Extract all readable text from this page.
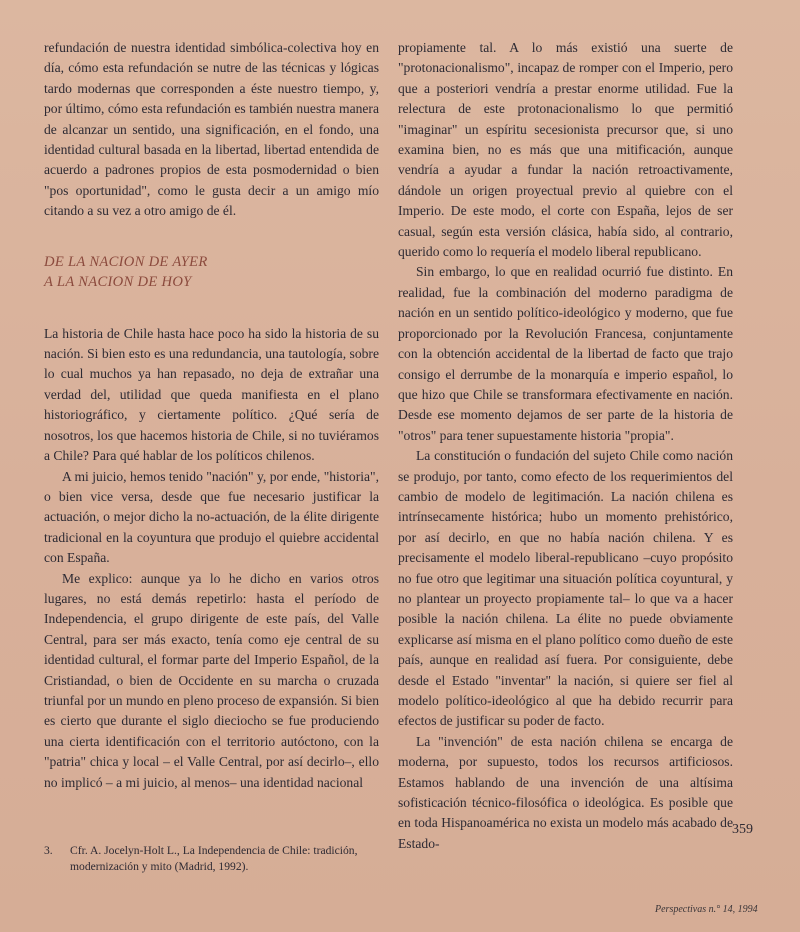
refundación de nuestra identidad simbólica-colectiva hoy en día, cómo esta refundación se nutre de las técnicas y lógicas tardo modernas que corresponden a éste nuestro tiempo, y, por último, cómo esta refundación es también nuestra manera de alcanzar un sentido, una significación, en el fondo, una identidad cultural basada en la libertad, libertad entendida de acuerdo a padrones propios de esta posmodernidad o bien "pos oportunidad", como le gusta decir a un amigo mío citando a su vez a otro amigo de él.

DE LA NACION DE AYER

A LA NACION DE HOY

La historia de Chile hasta hace poco ha sido la historia de su nación. Si bien esto es una redundancia, una tautología, sobre lo cual muchos ya han repasado, no deja de extrañar una verdad del, utilidad que queda manifiesta en el plano historiográfico, y ciertamente político. ¿Qué sería de nosotros, los que hacemos historia de Chile, si no tuviéramos a Chile? Para qué hablar de los políticos chilenos.

A mi juicio, hemos tenido "nación" y, por ende, "historia", o bien vice versa, desde que fue necesario justificar la actuación, o mejor dicho la no-actuación, de la élite dirigente tradicional en la coyuntura que produjo el quiebre accidental con España.

Me explico: aunque ya lo he dicho en varios otros lugares, no está demás repetirlo: hasta el período de Independencia, el grupo dirigente de este país, del Valle Central, para ser más exacto, tenía como eje central de su identidad cultural, el formar parte del Imperio Español, de la Cristiandad, o bien de Occidente en su marcha o cruzada triunfal por un mundo en pleno proceso de expansión. Si bien es cierto que durante el siglo dieciocho se fue produciendo una cierta identificación con el territorio autóctono, con la "patria" chica y local – el Valle Central, por así decirlo–, ello no implicó – a mi juicio, al menos– una identidad nacional

propiamente tal. A lo más existió una suerte de "protonacionalismo", incapaz de romper con el Imperio, pero que a posteriori vendría a prestar enorme utilidad. Fue la relectura de este protonacionalismo lo que permitió "imaginar" un espíritu secesionista precursor que, si uno examina bien, no es más que una mitificación, aunque vendría a ayudar a fundar la nación retroactivamente, dándole un origen proyectual previo al quiebre con el Imperio. De este modo, el corte con España, lejos de ser casual, según esta versión clásica, había sido, al contrario, querido como lo requería el modelo liberal republicano.

Sin embargo, lo que en realidad ocurrió fue distinto. En realidad, fue la combinación del moderno paradigma de nación en un sentido político-ideológico y moderno, que fue proporcionado por la Revolución Francesa, conjuntamente con la obtención accidental de la libertad de facto que trajo consigo el derrumbe de la monarquía e imperio español, lo que hizo que Chile se transformara efectivamente en nación. Desde ese momento dejamos de ser parte de la historia de "otros" para tener supuestamente historia "propia".

La constitución o fundación del sujeto Chile como nación se produjo, por tanto, como efecto de los requerimientos del cambio de modelo de legitimación. La nación chilena es intrínsecamente histórica; hubo un momento prehistórico, por así decirlo, en que no había nación chilena. Y es precisamente el modelo liberal-republicano –cuyo propósito no fue otro que legitimar una situación política coyuntural, y no plantear un proyecto propiamente tal– lo que va a hacer posible la nación chilena. La élite no puede obviamente explicarse así misma en el plano político como dueño de este país, aunque en realidad así fuera. Por consiguiente, debe desde el Estado "inventar" la nación, si quiere ser fiel al modelo político-ideológico al que ha debido recurrir para efectos de justificar su poder de facto.

La "invención" de esta nación chilena se encarga de moderna, por supuesto, todos los recursos artificiosos. Estamos hablando de una invención de una altísima sofisticación técnico-filosófica o ideológica. Es posible que en toda Hispanoamérica no exista un modelo más acabado de Estado-

3. Cfr. A. Jocelyn-Holt L., La Independencia de Chile: tradición, modernización y mito (Madrid, 1992).
359
Perspectivas n.° 14, 1994
